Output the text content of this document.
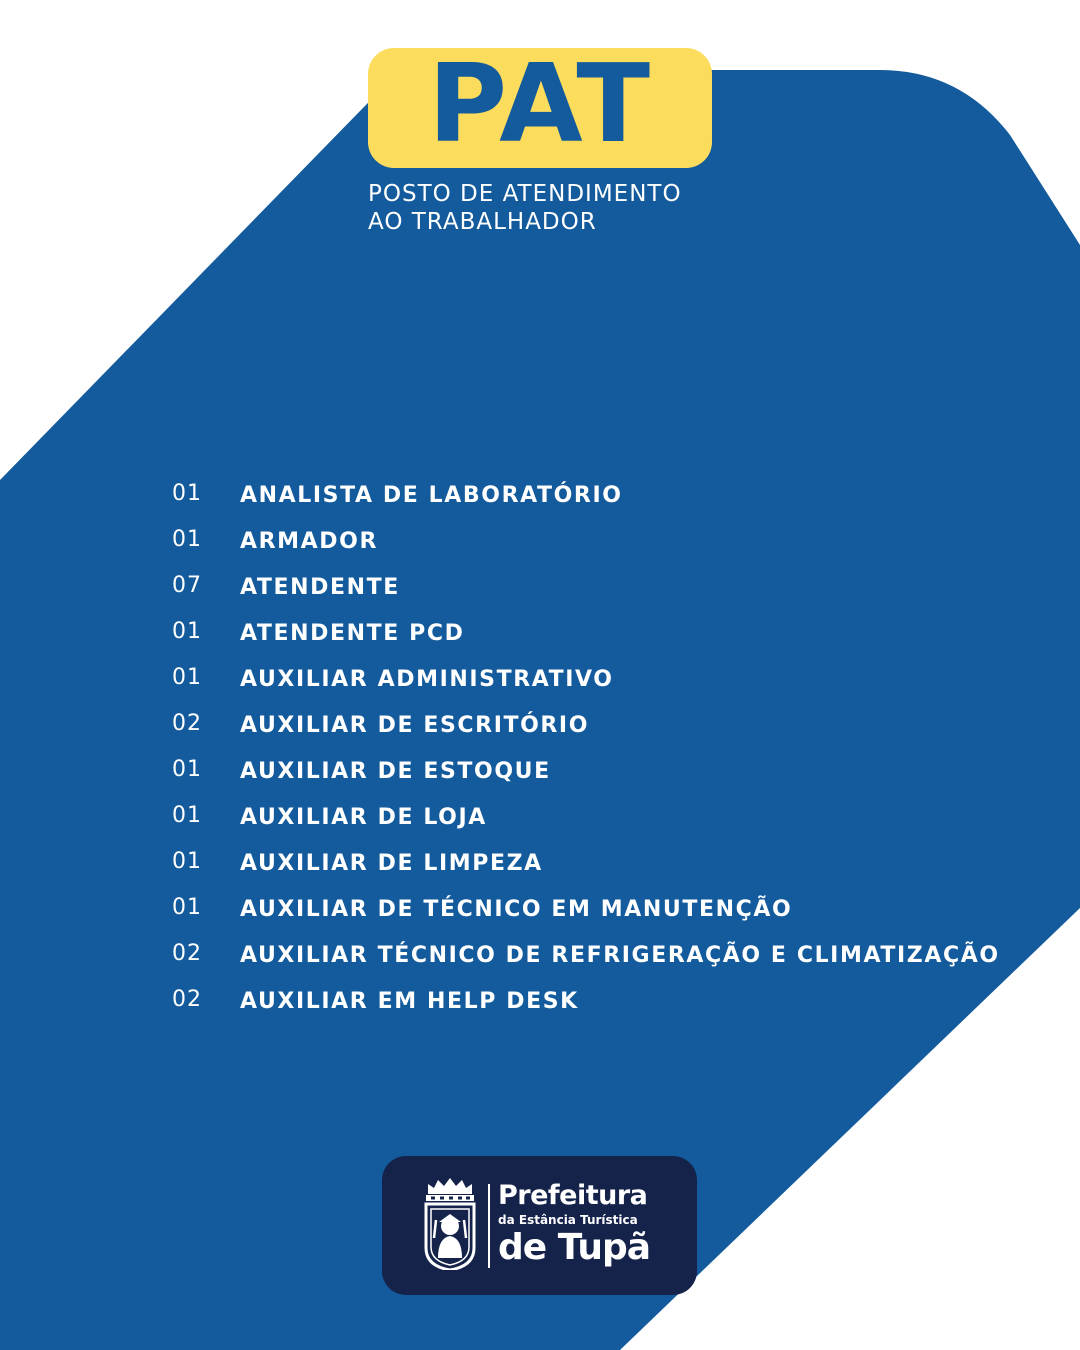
PAT
POSTO DE ATENDIMENTO
AO TRABALHADOR
01	ANALISTA DE LABORATÓRIO
01	ARMADOR
07	ATENDENTE
01	ATENDENTE PCD
01	AUXILIAR ADMINISTRATIVO
02	AUXILIAR DE ESCRITÓRIO
01	AUXILIAR DE ESTOQUE
01	AUXILIAR DE LOJA
01	AUXILIAR DE LIMPEZA
01	AUXILIAR DE TÉCNICO EM MANUTENÇÃO
02	AUXILIAR TÉCNICO DE REFRIGERAÇÃO E CLIMATIZAÇÃO
02	AUXILIAR EM HELP DESK
Prefeitura
da Estância Turística
de Tupã
